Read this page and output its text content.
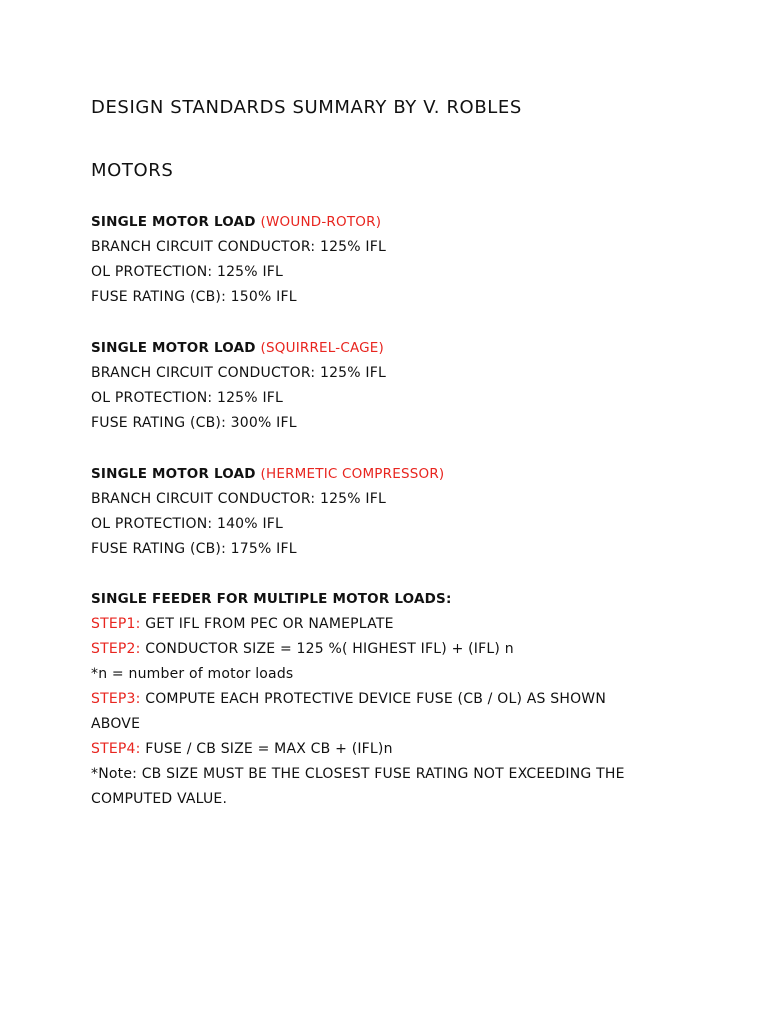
DESIGN STANDARDS SUMMARY BY V. ROBLES
MOTORS
SINGLE MOTOR LOAD (WOUND-ROTOR)
BRANCH CIRCUIT CONDUCTOR: 125% IFL
OL PROTECTION: 125% IFL
FUSE RATING (CB): 150% IFL
SINGLE MOTOR LOAD (SQUIRREL-CAGE)
BRANCH CIRCUIT CONDUCTOR: 125% IFL
OL PROTECTION: 125% IFL
FUSE RATING (CB): 300% IFL
SINGLE MOTOR LOAD (HERMETIC COMPRESSOR)
BRANCH CIRCUIT CONDUCTOR: 125% IFL
OL PROTECTION: 140% IFL
FUSE RATING (CB): 175% IFL
SINGLE FEEDER FOR MULTIPLE MOTOR LOADS:
STEP1: GET IFL FROM PEC OR NAMEPLATE
STEP2: CONDUCTOR SIZE = 125 %( HIGHEST IFL) + (IFL) n
*n = number of motor loads
STEP3: COMPUTE EACH PROTECTIVE DEVICE FUSE (CB / OL) AS SHOWN
ABOVE
STEP4: FUSE / CB SIZE = MAX CB + (IFL)n
*Note: CB SIZE MUST BE THE CLOSEST FUSE RATING NOT EXCEEDING THE
COMPUTED VALUE.
